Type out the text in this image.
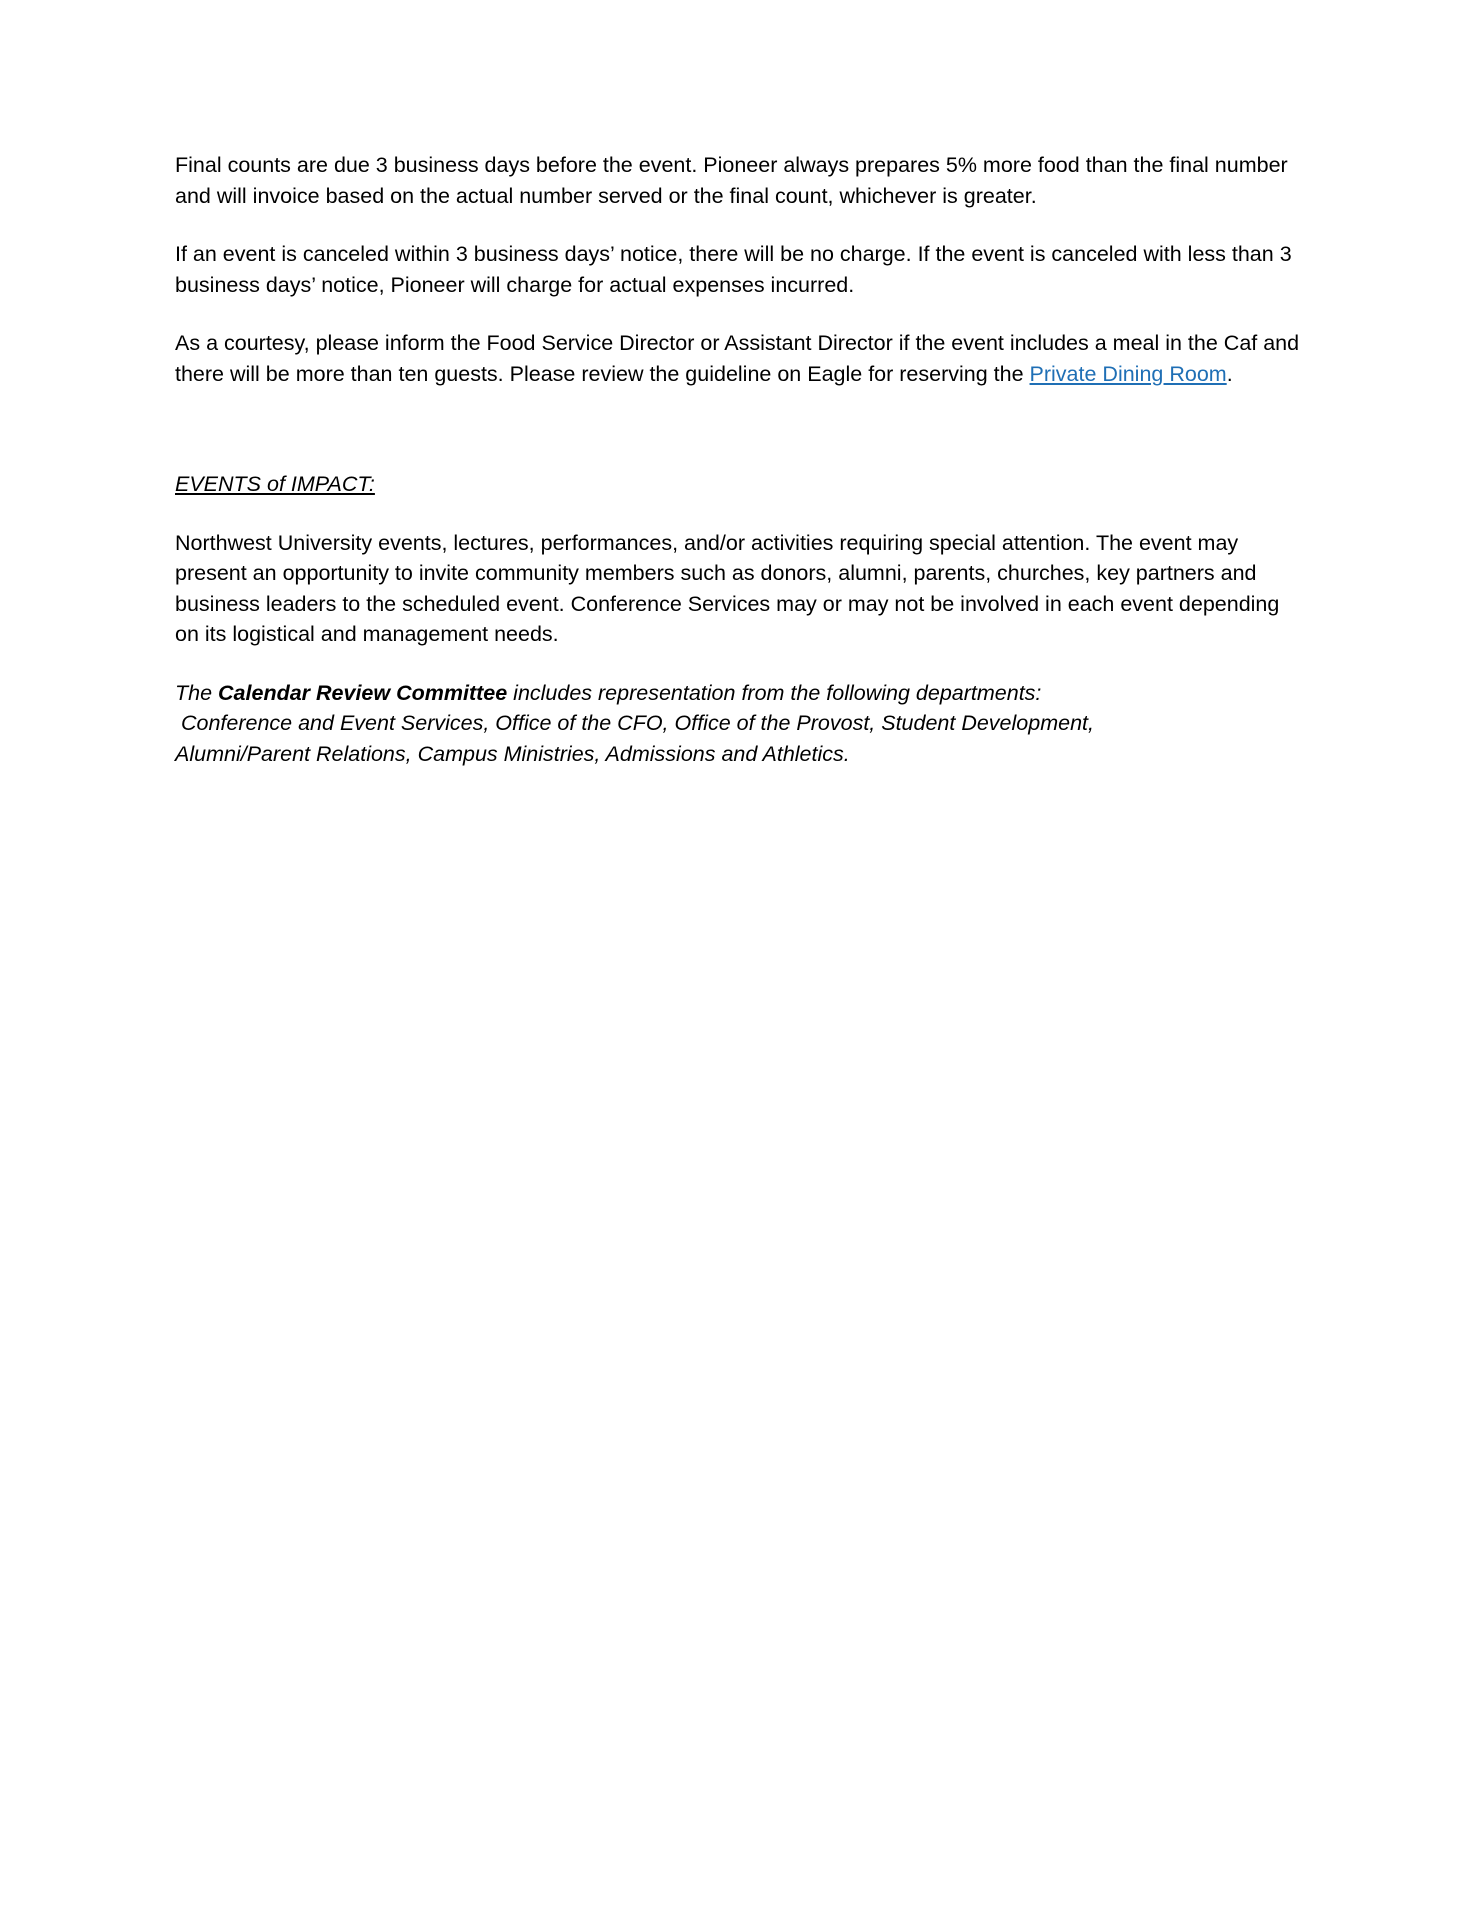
Final counts are due 3 business days before the event. Pioneer always prepares 5% more food than the final number and will invoice based on the actual number served or the final count, whichever is greater.

If an event is canceled within 3 business days’ notice, there will be no charge. If the event is canceled with less than 3 business days’ notice, Pioneer will charge for actual expenses incurred.

As a courtesy, please inform the Food Service Director or Assistant Director if the event includes a meal in the Caf and there will be more than ten guests. Please review the guideline on Eagle for reserving the Private Dining Room.

EVENTS of IMPACT:

Northwest University events, lectures, performances, and/or activities requiring special attention. The event may present an opportunity to invite community members such as donors, alumni, parents, churches, key partners and business leaders to the scheduled event. Conference Services may or may not be involved in each event depending on its logistical and management needs.

The Calendar Review Committee includes representation from the following departments:
Conference and Event Services, Office of the CFO, Office of the Provost, Student Development,
Alumni/Parent Relations, Campus Ministries, Admissions and Athletics.
